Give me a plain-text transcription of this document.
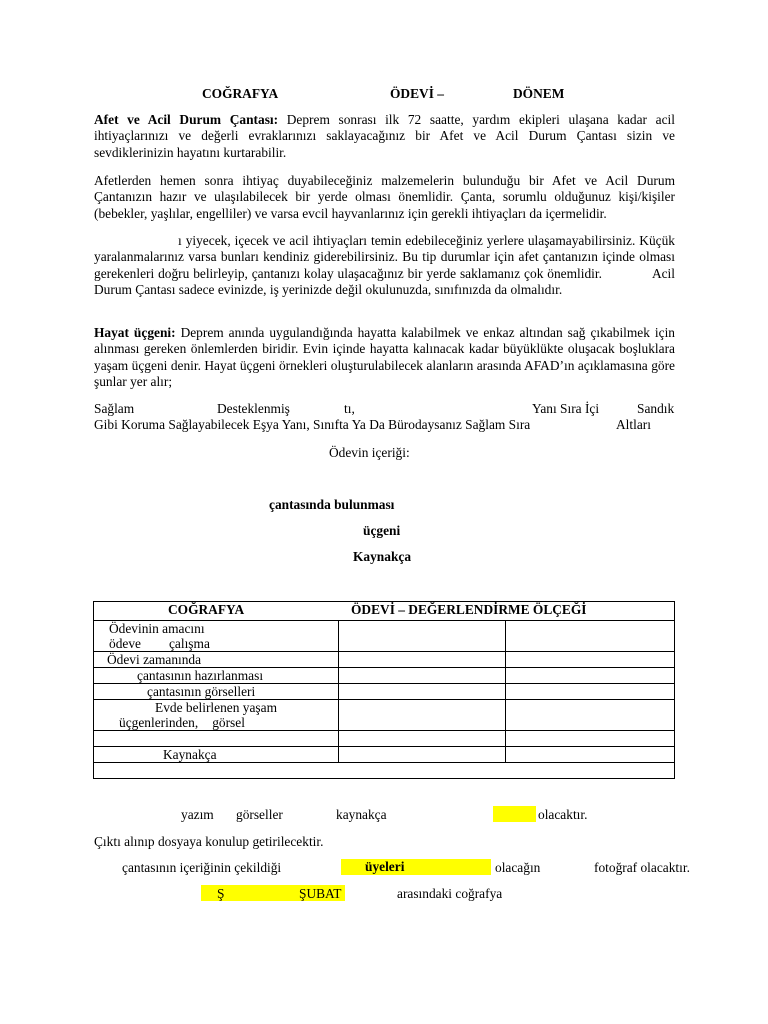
COĞRAFYA	ÖDEVİ –	DÖNEM
Afet ve Acil Durum Çantası: Deprem sonrası ilk 72 saatte, yardım ekipleri ulaşana kadar acil ihtiyaçlarınızı ve değerli evraklarınızı saklayacağınız bir Afet ve Acil Durum Çantası sizin ve sevdiklerinizin hayatını kurtarabilir.
Afetlerden hemen sonra ihtiyaç duyabileceğiniz malzemelerin bulunduğu bir Afet ve Acil Durum Çantanızın hazır ve ulaşılabilecek bir yerde olması önemlidir. Çanta, sorumlu olduğunuz kişi/kişiler (bebekler, yaşlılar, engelliler) ve varsa evcil hayvanlarınız için gerekli ihtiyaçları da içermelidir.
ı yiyecek, içecek ve acil ihtiyaçları temin edebileceğiniz yerlere ulaşamayabilirsiniz. Küçük yaralanmalarınız varsa bunları kendiniz giderebilirsiniz. Bu tip durumlar için afet çantanızın içinde olması gerekenleri doğru belirleyip, çantanızı kolay ulaşacağınız bir yerde saklamanız çok önemlidir.	Acil Durum Çantası sadece evinizde, iş yerinizde değil okulunuzda, sınıfınızda da olmalıdır.
Hayat üçgeni: Deprem anında uygulandığında hayatta kalabilmek ve enkaz altından sağ çıkabilmek için alınması gereken önlemlerden biridir. Evin içinde hayatta kalınacak kadar büyüklükte oluşacak boşluklara yaşam üçgeni denir. Hayat üçgeni örnekleri oluşturulabilecek alanların arasında AFAD’ın açıklamasına göre şunlar yer alır;
Sağlam	Desteklenmiş	tı,	Yanı Sıra İçi	Sandık
Gibi Koruma Sağlayabilecek Eşya Yanı, Sınıfta Ya Da Bürodaysanız Sağlam Sıra	Altları
Ödevin içeriği:
çantasında bulunması
üçgeni
Kaynakça
COĞRAFYA ÖDEVİ – DEĞERLENDİRME ÖLÇEĞİ		

Ödevinin amacını
ödeve çalışma		

Ödevi zamanında		
çantasının hazırlanması		
çantasının görselleri		

Evde belirlenen yaşam
üçgenlerinden, görsel		

Kaynakça		

yazım görseller	kaynakça	olacaktır.
Çıktı alınıp dosyaya konulup getirilecektir.
çantasının içeriğinin çekildiği	üyeleri	olacağın	fotoğraf olacaktır.
Ş	ŞUBAT	arasındaki coğrafya
